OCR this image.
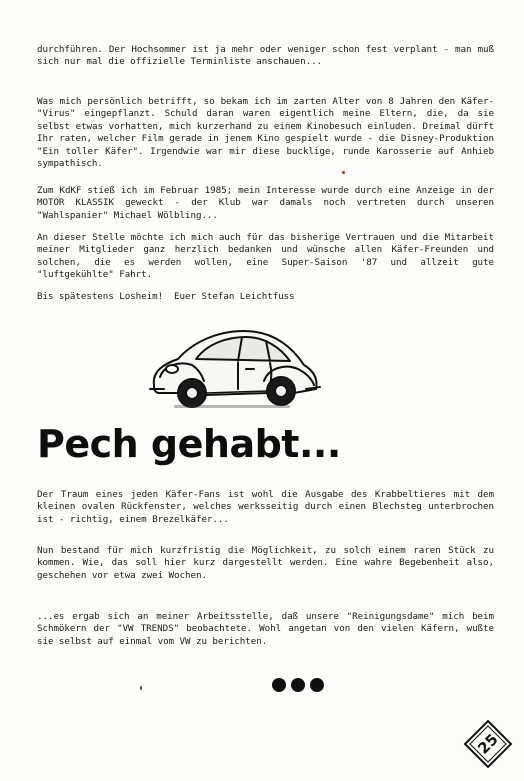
durchführen. Der Hochsommer ist ja mehr oder weniger schon fest verplant - man muß sich nur mal die offizielle Terminliste anschauen...

Was mich persönlich betrifft, so bekam ich im zarten Alter von 8 Jahren den Käfer-"Virus" eingepflanzt. Schuld daran waren eigentlich meine Eltern, die, da sie selbst etwas vorhatten, mich kurzerhand zu einem Kinobesuch einluden. Dreimal dürft Ihr raten, welcher Film gerade in jenem Kino gespielt wurde - die Disney-Produktion "Ein toller Käfer". Irgendwie war mir diese bucklige, runde Karosserie auf Anhieb sympathisch.

Zum KdKF stieß ich im Februar 1985; mein Interesse wurde durch eine Anzeige in der MOTOR KLASSIK geweckt - der Klub war damals noch vertreten durch unseren "Wahlspanier" Michael Wölbling...

An dieser Stelle möchte ich mich auch für das bisherige Vertrauen und die Mitarbeit meiner Mitglieder ganz herzlich bedanken und wünsche allen Käfer-Freunden und solchen, die es werden wollen, eine Super-Saison '87 und allzeit gute "luftgekühlte" Fahrt.

Bis spätestens Losheim!  Euer Stefan Leichtfuss

Pech gehabt...

Der Traum eines jeden Käfer-Fans ist wohl die Ausgabe des Krabbeltieres mit dem kleinen ovalen Rückfenster, welches werksseitig durch einen Blechsteg unterbrochen ist - richtig, einem Brezelkäfer...

Nun bestand für mich kurzfristig die Möglichkeit, zu solch einem raren Stück zu kommen. Wie, das soll hier kurz dargestellt werden. Eine wahre Begebenheit also, geschehen vor etwa zwei Wochen.

...es ergab sich an meiner Arbeitsstelle, daß unsere "Reinigungsdame" mich beim Schmökern der "VW TRENDS" beobachtete. Wohl angetan von den vielen Käfern, wußte sie selbst auf einmal vom VW zu berichten.

25
